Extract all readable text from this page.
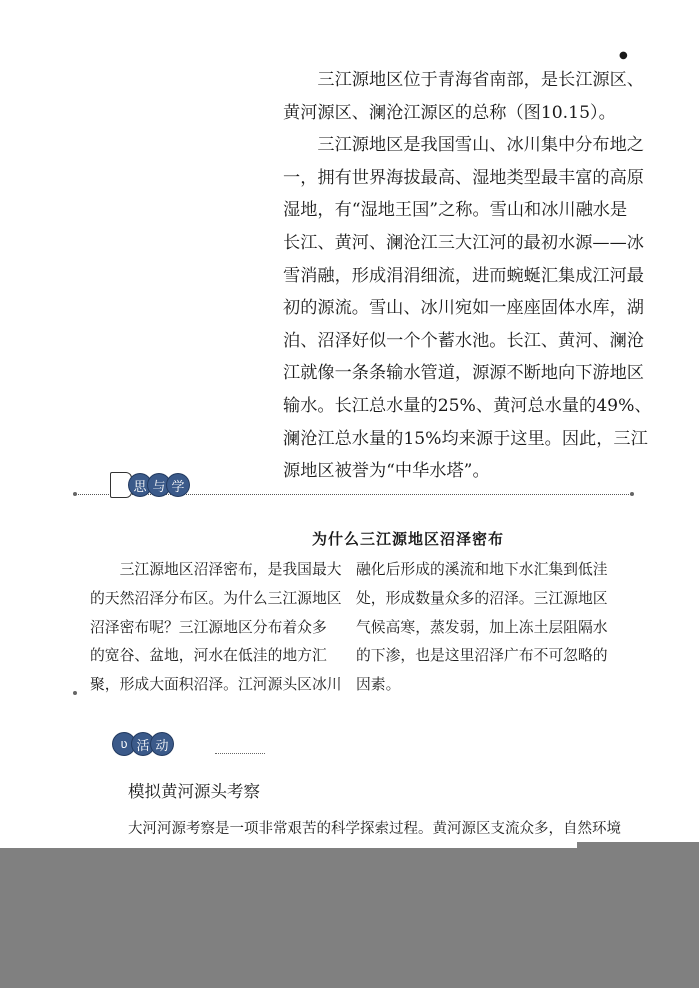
●
　　三江源地区位于青海省南部，是长江源区、
黄河源区、澜沧江源区的总称（图10.15）。
　　三江源地区是我国雪山、冰川集中分布地之
一，拥有世界海拔最高、湿地类型最丰富的高原
湿地，有“湿地王国”之称。雪山和冰川融水是
长江、黄河、澜沧江三大江河的最初水源——冰
雪消融，形成涓涓细流，进而蜿蜒汇集成江河最
初的源流。雪山、冰川宛如一座座固体水库，湖
泊、沼泽好似一个个蓄水池。长江、黄河、澜沧
江就像一条条输水管道，源源不断地向下游地区
输水。长江总水量的25%、黄河总水量的49%、
澜沧江总水量的15%均来源于这里。因此，三江
源地区被誉为“中华水塔”。
思 与 学
为什么三江源地区沼泽密布
　　三江源地区沼泽密布，是我国最大
的天然沼泽分布区。为什么三江源地区
沼泽密布呢？三江源地区分布着众多
的宽谷、盆地，河水在低洼的地方汇
聚，形成大面积沼泽。江河源头区冰川
融化后形成的溪流和地下水汇集到低洼
处，形成数量众多的沼泽。三江源地区
气候高寒，蒸发弱，加上冻土层阻隔水
的下渗，也是这里沼泽广布不可忽略的
因素。
ʋ 活 动
模拟黄河源头考察
大河河源考察是一项非常艰苦的科学探索过程。黄河源区支流众多，自然环境
